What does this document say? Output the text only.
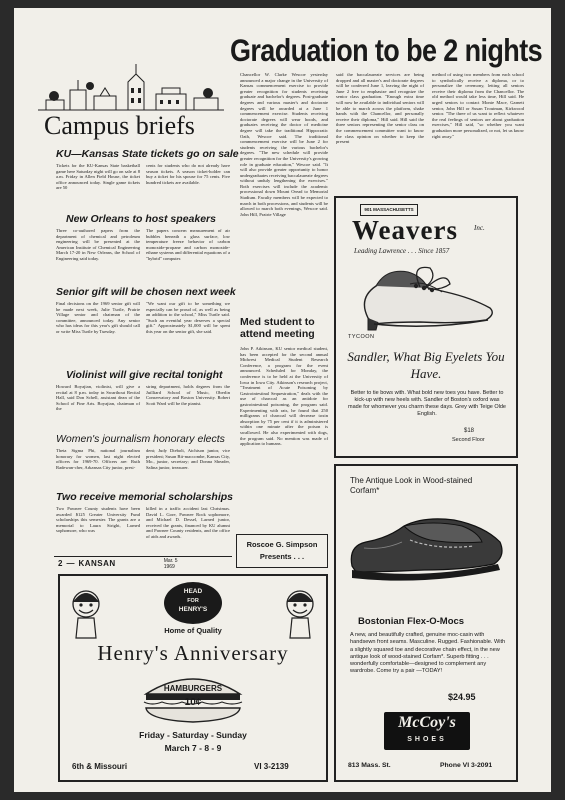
Campus briefs
KU—Kansas State tickets go on sale
Tickets for the KU-Kansas State basketball game here Saturday night will go on sale at 8 a.m. Friday in Allen Field House, the ticket office announced today. Single game tickets are 50
cents for students who do not already have season tickets. A season ticket-holder can buy a ticket for his spouse for 75 cents. Five hundred tickets are available.
New Orleans to host speakers
Three co-authored papers from the department of chemical and petroleum engineering will be presented at the American Institute of Chemical Engineering March 17-20 in New Orleans, the School of Engineering said today.
The papers concern measurement of air bubbles beneath a glass surface, low temperature freeze behavior of carbon monoxide-propane and carbon monoxide-ethane systems and differential equations of a "hybrid" computer.
Senior gift will be chosen next week
Final decisions on the 1969 senior gift will be made next week, Julie Turtle, Prairie Village senior and chairman of the committee, announced today. Any senior who has ideas for this year's gift should call or write Miss Turtle by Tuesday.
"We want our gift to be something we especially can be proud of, as well as being an addition to the school," Miss Turtle said. "Such an eventful year deserves a special gift." Approximately $1,000 will be spent this year on the senior gift, she said.
Violinist will give recital tonight
Howard Boyajian, violinist, will give a recital at 8 p.m. today in Swarthout Recital Hall, said Don Schell, assistant dean of the School of Fine Arts. Boyajian, chairman of the
string department, holds degrees from the Juilliard School of Music, Oberlin Conservatory and Boston University. Robert Scott Ward will be the pianist.
Women's journalism honorary elects
Theta Sigma Phi, national journalism honorary for women, last night elected officers for 1969-70. Officers are: Ruth Radewan-cher, Arkansas City junior, presi-
dent; Judy Diebolt, Atchison junior, vice president; Susan Bit-maccombe, Kansas City, Mo., junior, secretary; and Donna Sheader, Salina junior, treasurer.
Two receive memorial scholarships
Two Pawnee County students have been awarded $125 Greater University Fund scholarships this semester. The grants are a memorial to Laura Stright, Larned sophomore, who was
killed in a traffic accident last Christmas. David L. Gore, Pawnee Rock sophomore, and Michael D. Dessel, Larned junior, received the grants, financed by KU alumni and Pawnee County residents, and the office of aids and awards.
2 — KANSAN	Mar. 5 1969
Graduation to be 2 nights
Chancellor W. Clarke Wescoe yesterday announced a major change in the University of Kansas commencement exercise to provide greater recognition for students receiving graduate and bachelor's degrees. Post-graduate degrees and various master's and doctorate degrees will be awarded at a June 1 commencement exercise. Students receiving doctorate degrees will wear hoods, and graduates receiving the doctor of medicine degree will take the traditional Hippocratic Oath, Wescoe said. The traditional commencement exercise will be June 2 for students receiving the various bachelor's degrees. "The new schedule will provide greater recognition for the University's growing role in graduate education," Wescoe said. "It will also provide greater opportunity to honor undergraduates receiving baccalaureate degrees without unduly lengthening the exercises." Both exercises will include the academic processional down Mount Oread to Memorial Stadium. Faculty members will be expected to march in both processions, and students will be allowed to march both evenings, Wescoe said. John Hill, Prairie Village
said the baccalaureate services are being dropped and all master's and doctorate degrees will be conferred June 1, leaving the night of June 2 free to emphasize and recognize the senior class graduation. "Enough extra time will now be available to individual seniors will be able to march across the platform, shake hands with the Chancellor, and personally receive their diploma," Hill said. Hill said the three seniors representing the senior class on the commencement committee want to know the class opinion on whether to keep the present
method of using two members from each school to symbolically receive a diploma, or to personalize the ceremony, letting all seniors receive their diploma from the Chancellor. The old method would take less time, Hill said. He urged seniors to contact Monte Mace, Garnett senior, John Hill or Susan Troutman, Kirkwood senior. "The three of us want to reflect whatever the real feelings of seniors are about graduation exercises," Hill said, "so whether you want graduation more personalized, or not, let us know right away."
Med student to attend meeting
John P. Atkinson, KU senior medical student, has been accepted for the second annual Midwest Medical Student Research Conference, a program for the event announced. Scheduled for Monday, the conference is to be held at the University of Iowa in Iowa City. Atkinson's research project, "Treatment of Acute Poisoning by Gastrointestinal Sequestration," deals with the use of charcoal as an antidote for gastrointestinal poisoning, the program said. Experimenting with rats, he found that 250 milligrams of charcoal will decrease toxin absorption by 75 per cent if it is administered within one minute after the poison is swallowed. He also experimented with dogs, the program said. No mention was made of application to humans.
Roscoe G. Simpson
Presents . . .
901 MASSACHUSETTS
Weavers Inc.
Leading Lawrence . . . Since 1857
TYCOON
Sandler, What Big Eyelets You Have.
Better to tie bows with. What bold new toes you have. Better to kick-up with new heels with. Sandler of Boston's oxford was made for whomever you charm these days. Grey with Teige Olde English.
$18
Second Floor
The Antique Look in Wood-stained Corfam*
Bostonian Flex-O-Mocs
A new, and beautifully crafted, genuine moc-casin with handsewn front seams. Masculine. Rugged. Fashionable. With a slightly squared toe and decorative chain effect, in the new antique look of wood-stained Corfam*. Superb fitting . . . wonderfully comfortable—designed to complement any wardrobe. Come try a pair —TODAY!
$24.95
McCoy's
SHOES
813 Mass. St.	Phone VI 3-2091
HEAD
FOR
HENRY'S
Home of Quality
Henry's Anniversary
HAMBURGERS
10¢
Friday - Saturday - Sunday
March 7 - 8 - 9
6th & Missouri	VI 3-2139
